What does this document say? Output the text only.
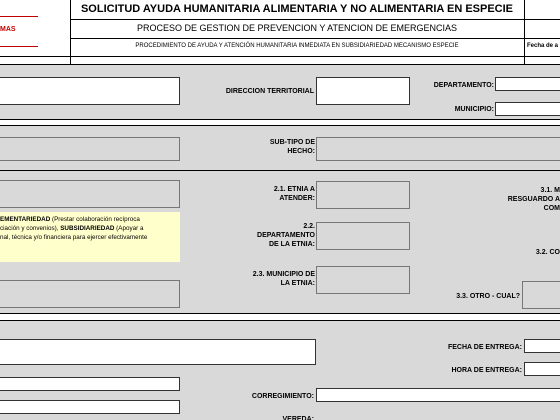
MAS
SOLICITUD AYUDA HUMANITARIA ALIMENTARIA Y NO ALIMENTARIA EN ESPECIE
PROCESO DE GESTION DE PREVENCION Y ATENCION DE EMERGENCIAS
PROCEDIMIENTO DE AYUDA Y ATENCIÓN HUMANITARIA INMEDIATA EN SUBSIDIARIEDAD MECANISMO ESPECIE	Fecha de a
DIRECCION TERRITORIAL
DEPARTAMENTO:
MUNICIPIO:
SUB-TIPO DE
HECHO:
EMENTARIEDAD (Prestar colaboración recíproca
ciación y convenios), SUBSIDIARIEDAD (Apoyar a
nal, técnica y/o financiera para ejercer efectivamente
2.1. ETNIA A
ATENDER:
2.2.
DEPARTAMENTO
DE LA ETNIA:
2.3. MUNICIPIO DE
LA ETNIA:
3.1. M
RESGUARDO A
COM
3.2. CO
3.3. OTRO - CUAL?
FECHA DE ENTREGA:
HORA DE ENTREGA:
CORREGIMIENTO:
VEREDA:
